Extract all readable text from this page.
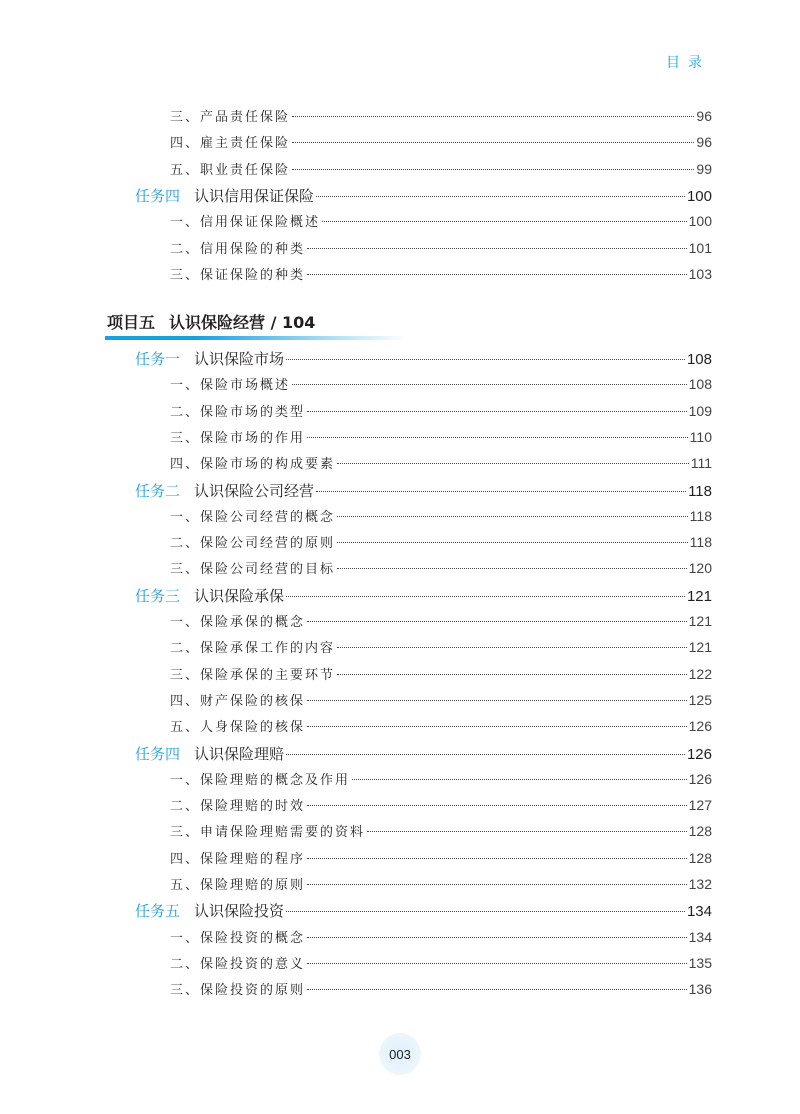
目录
三、产品责任保险	96
四、雇主责任保险	96
五、职业责任保险	99
任务四 认识信用保证保险	100
一、信用保证保险概述	100
二、信用保险的种类	101
三、保证保险的种类	103
项目五 认识保险经营 / 104
任务一 认识保险市场	108
一、保险市场概述	108
二、保险市场的类型	109
三、保险市场的作用	110
四、保险市场的构成要素	111
任务二 认识保险公司经营	118
一、保险公司经营的概念	118
二、保险公司经营的原则	118
三、保险公司经营的目标	120
任务三 认识保险承保	121
一、保险承保的概念	121
二、保险承保工作的内容	121
三、保险承保的主要环节	122
四、财产保险的核保	125
五、人身保险的核保	126
任务四 认识保险理赔	126
一、保险理赔的概念及作用	126
二、保险理赔的时效	127
三、申请保险理赔需要的资料	128
四、保险理赔的程序	128
五、保险理赔的原则	132
任务五 认识保险投资	134
一、保险投资的概念	134
二、保险投资的意义	135
三、保险投资的原则	136
003
